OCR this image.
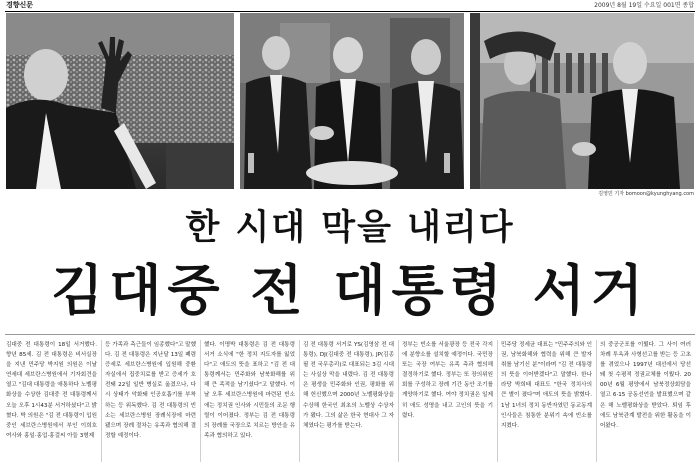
경향신문	2009년 8월 19일 수요일 001면 종합
김영민 기자 bomoon@kyunghyang.com
한 시대 막을 내리다
김대중 전 대통령 서거
김대중 전 대통령이 18일 서거했다. 향년 85세. 김 전 대통령은 비서실장을 지낸 민주당 박지원 의원은 이날 연세대 세브란스병원에서 기자회견을 열고 "김대 대통령을 애통하다 노벨평화상을 수상한 김대중 전 대통령께서 오늘 오후 1시43분 서거하셨다"고 밝혔다. 박 의원은 "김 전 대통령이 입원 중인 세브란스병원에서 부인 이희호 여사와 홍일·홍업·홍걸씨 아들 3형제
등 가족과 측근들이 임종했다"고 말했다. 김 전 대통령은 지난달 13일 폐렴 증세로 세브란스병원에 입원해 중환자실에서 집중치료를 받고 증세가 호전돼 22일 일반 병실로 옮겼으나, 다시 상태가 악화돼 인공호흡기를 부착하는 등 위독했다. 김 전 대통령의 빈소는 세브란스병원 장례식장에 마련됐으며 장례 절차는 유족과 협의해 결정할 예정이다.
했다. 이명박 대통령은 김 전 대통령 서거 소식에 "한 정치 지도자를 잃었다"고 애도의 뜻을 표하고 "김 전 대통령께서는 민주화와 남북화해를 위해 큰 족적을 남기셨다"고 말했다. 이날 오후 세브란스병원에 마련된 빈소에는 정치권 인사와 시민들의 조문 행렬이 이어졌다. 정부는 김 전 대통령의 장례를 국장으로 치르는 방안을 유족과 협의하고 있다.
김 전 대통령 서거로 YS(김영삼 전 대통령), DJ(김대중 전 대통령), JP(김종필 전 국무총리)로 대표되는 3김 시대는 사실상 막을 내렸다. 김 전 대통령은 평생을 민주화와 인권, 평화를 위해 헌신했으며 2000년 노벨평화상을 수상해 한국인 최초의 노벨상 수상자가 됐다. 그의 삶은 한국 현대사 그 자체였다는 평가를 받는다.
정부는 빈소를 서울광장 등 전국 각지에 분향소를 설치할 예정이다. 국민장 또는 국장 여부는 유족 측과 협의해 결정하기로 했다. 정부는 또 장의위원회를 구성하고 장례 기간 동안 조기를 게양하기로 했다. 여야 정치권은 일제히 애도 성명을 내고 고인의 뜻을 기렸다.
민주당 정세균 대표는 "민주주의와 인권, 남북화해와 협력을 위해 큰 발자취를 남기신 분"이라며 "김 전 대통령의 뜻을 이어받겠다"고 말했다. 한나라당 박희태 대표도 "한국 정치사의 큰 별이 졌다"며 애도의 뜻을 밝혔다. 1남 1녀의 정치 동반자였던 동교동계 인사들은 침통한 분위기 속에 빈소를 지켰다.
의 중공군포를 이뤘다. 그 사이 여러 차례 투옥과 사형선고를 받는 등 고초를 겪었으나 1997년 대선에서 당선돼 첫 수평적 정권교체를 이뤘다. 2000년 6월 평양에서 남북정상회담을 열고 6·15 공동선언을 발표했으며 같은 해 노벨평화상을 받았다. 퇴임 후에도 남북관계 발전을 위한 활동을 이어왔다.
